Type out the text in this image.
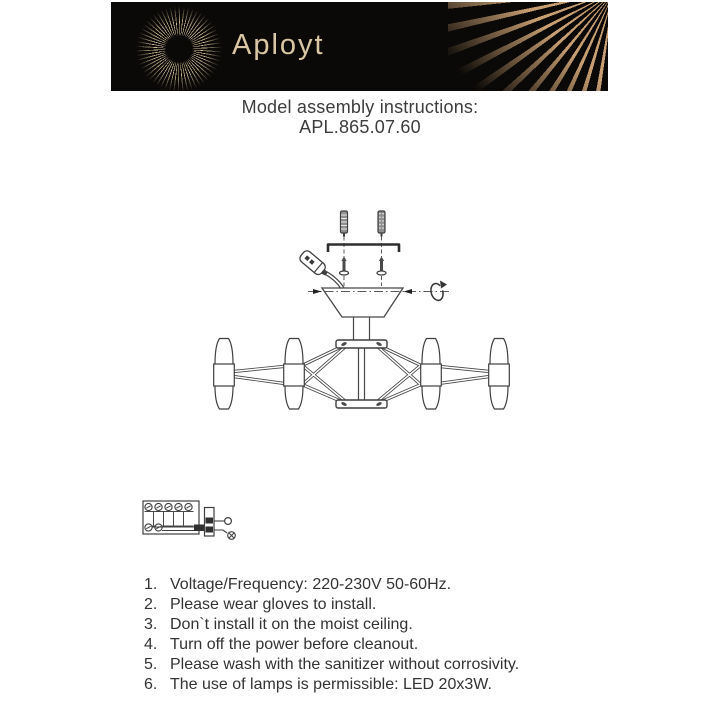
Aployt
Model assembly instructions:
APL.865.07.60
1. Voltage/Frequency: 220-230V 50-60Hz.
2. Please wear gloves to install.
3. Don`t install it on the moist ceiling.
4. Turn off the power before cleanout.
5. Please wash with the sanitizer without corrosivity.
6. The use of lamps is permissible: LED 20x3W.
